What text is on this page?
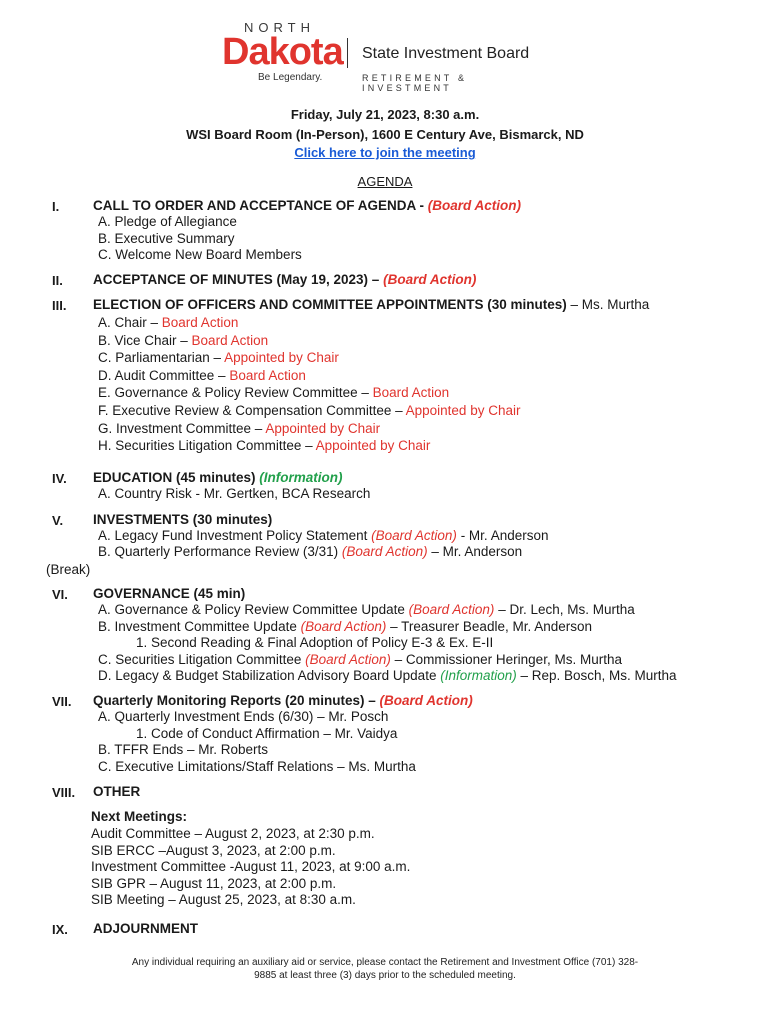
NORTH
Dakota
Be Legendary.
State Investment Board
RETIREMENT & INVESTMENT
Friday, July 21, 2023, 8:30 a.m.
WSI Board Room (In-Person), 1600 E Century Ave, Bismarck, ND
Click here to join the meeting
AGENDA
I.	CALL TO ORDER AND ACCEPTANCE OF AGENDA - (Board Action)
A. Pledge of Allegiance
B. Executive Summary
C. Welcome New Board Members
II. ACCEPTANCE OF MINUTES (May 19, 2023) – (Board Action)
III. ELECTION OF OFFICERS AND COMMITTEE APPOINTMENTS (30 minutes) – Ms. Murtha
A. Chair – Board Action
B. Vice Chair – Board Action
C. Parliamentarian – Appointed by Chair
D. Audit Committee – Board Action
E. Governance & Policy Review Committee – Board Action
F. Executive Review & Compensation Committee – Appointed by Chair
G. Investment Committee – Appointed by Chair
H. Securities Litigation Committee – Appointed by Chair
IV. EDUCATION (45 minutes) (Information)
A. Country Risk - Mr. Gertken, BCA Research
V. INVESTMENTS (30 minutes)
A. Legacy Fund Investment Policy Statement (Board Action) - Mr. Anderson
B. Quarterly Performance Review (3/31) (Board Action) – Mr. Anderson
(Break)
VI. GOVERNANCE (45 min)
A. Governance & Policy Review Committee Update (Board Action) – Dr. Lech, Ms. Murtha
B. Investment Committee Update (Board Action) – Treasurer Beadle, Mr. Anderson
1. Second Reading & Final Adoption of Policy E-3 & Ex. E-II
C. Securities Litigation Committee (Board Action) – Commissioner Heringer, Ms. Murtha
D. Legacy & Budget Stabilization Advisory Board Update (Information) – Rep. Bosch, Ms. Murtha
VII. Quarterly Monitoring Reports (20 minutes) – (Board Action)
A. Quarterly Investment Ends (6/30) – Mr. Posch
1. Code of Conduct Affirmation – Mr. Vaidya
B. TFFR Ends – Mr. Roberts
C. Executive Limitations/Staff Relations – Ms. Murtha
VIII. OTHER
Next Meetings:
Audit Committee – August 2, 2023, at 2:30 p.m.
SIB ERCC –August 3, 2023, at 2:00 p.m.
Investment Committee -August 11, 2023, at 9:00 a.m.
SIB GPR – August 11, 2023, at 2:00 p.m.
SIB Meeting – August 25, 2023, at 8:30 a.m.
IX. ADJOURNMENT
Any individual requiring an auxiliary aid or service, please contact the Retirement and Investment Office (701) 328-
9885 at least three (3) days prior to the scheduled meeting.
